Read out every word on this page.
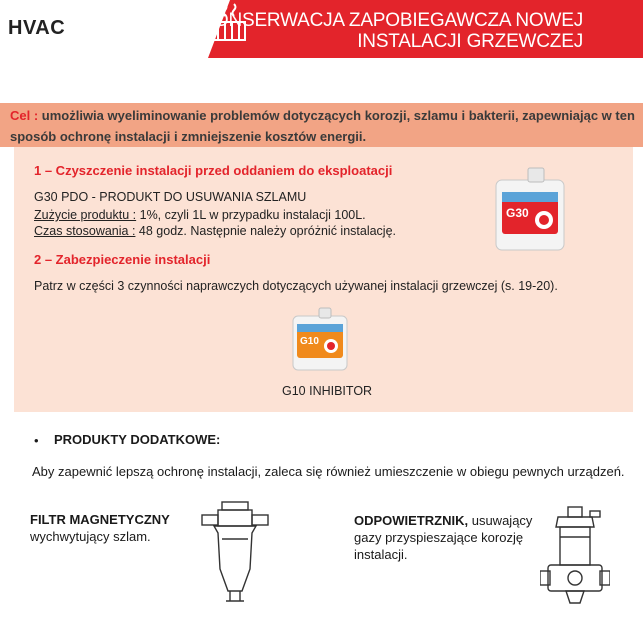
HVAC	KONSERWACJA ZAPOBIEGAWCZA NOWEJ
INSTALACJI GRZEWCZEJ
Cel : umożliwia wyeliminowanie problemów dotyczących korozji, szlamu i bakterii, zapewniając w ten sposób ochronę instalacji i zmniejszenie kosztów energii.
1 – Czyszczenie instalacji przed oddaniem do eksploatacji
G30 PDO - PRODUKT DO USUWANIA SZLAMU
Zużycie produktu : 1%, czyli 1L w przypadku instalacji 100L.
Czas stosowania : 48 godz. Następnie należy opróżnić instalację.
G30
2 – Zabezpieczenie instalacji
Patrz w części 3 czynności naprawczych dotyczących używanej instalacji grzewczej (s. 19-20).
G10
G10 INHIBITOR
• PRODUKTY DODATKOWE:
Aby zapewnić lepszą ochronę instalacji, zaleca się również umieszczenie w obiegu pewnych urządzeń.
FILTR MAGNETYCZNY
wychwytujący szlam.
ODPOWIETRZNIK, usuwający gazy przyspieszające korozję instalacji.
